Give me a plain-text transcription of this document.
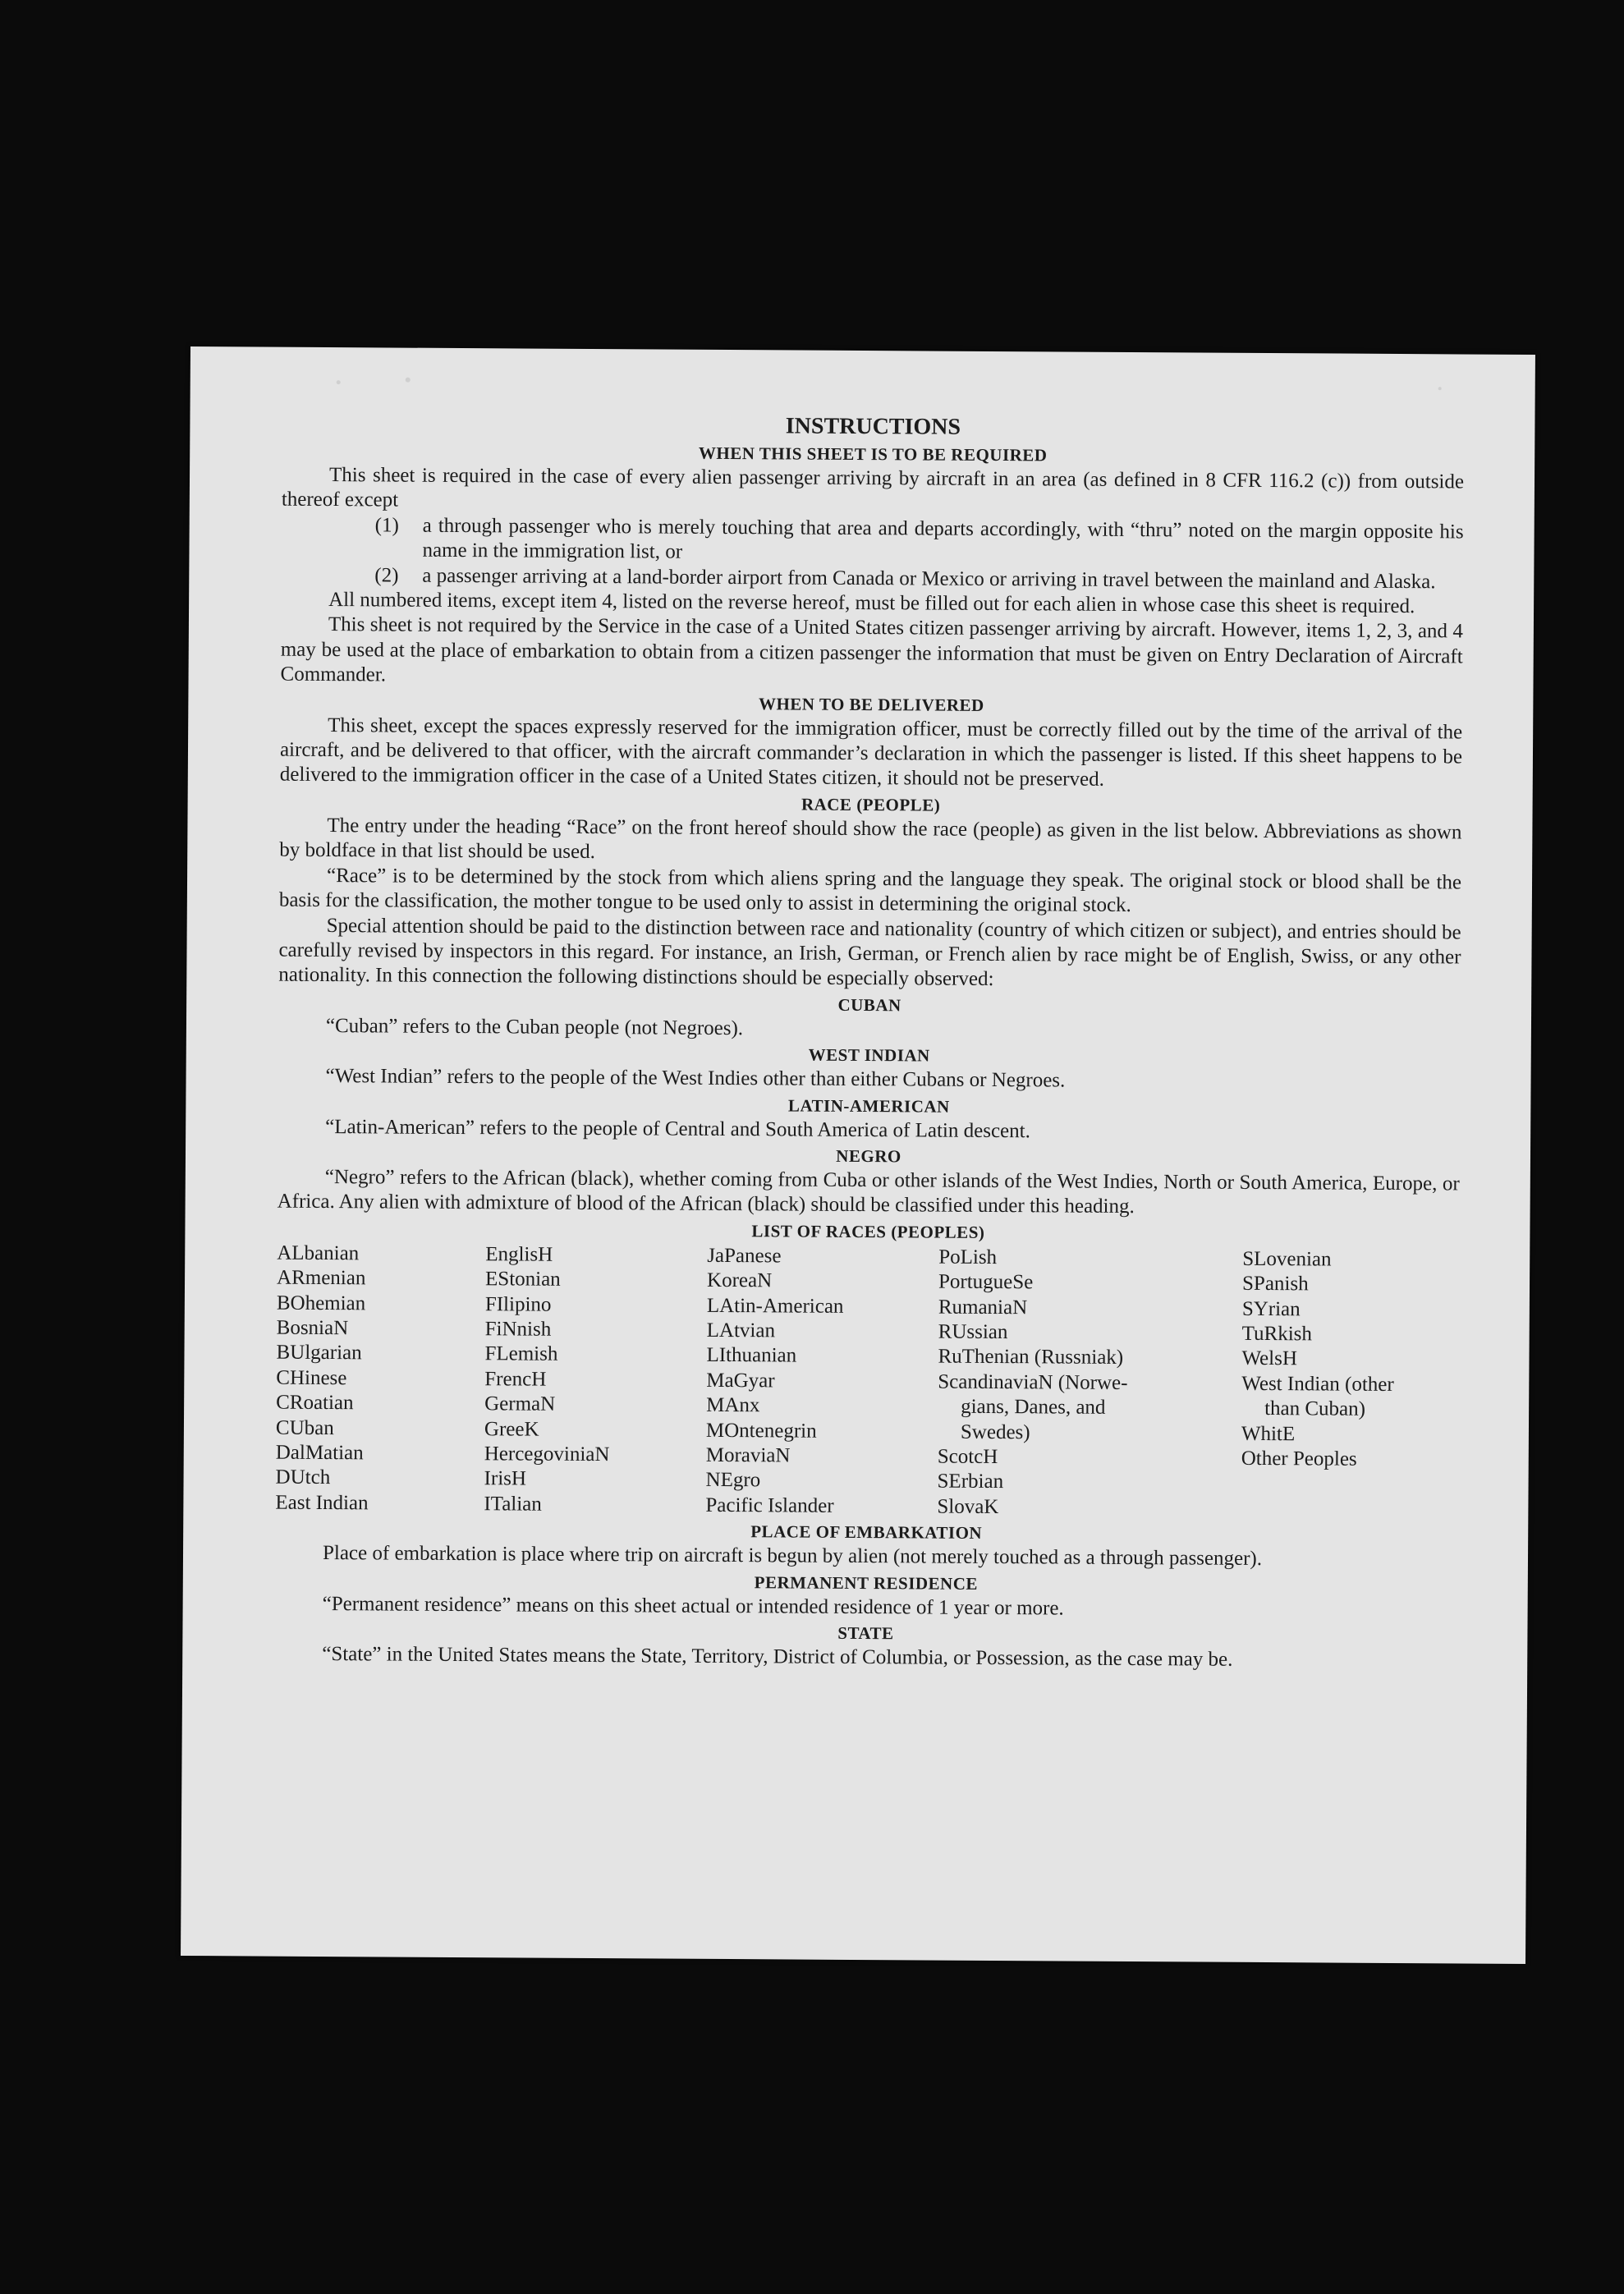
INSTRUCTIONS

WHEN THIS SHEET IS TO BE REQUIRED

This sheet is required in the case of every alien passenger arriving by aircraft in an area (as defined in 8 CFR 116.2 (c)) from outside thereof except

(1)	a through passenger who is merely touching that area and departs accordingly, with “thru” noted on the margin opposite his name in the immigration list, or
(2)	a passenger arriving at a land-border airport from Canada or Mexico or arriving in travel between the mainland and Alaska.

All numbered items, except item 4, listed on the reverse hereof, must be filled out for each alien in whose case this sheet is required.

This sheet is not required by the Service in the case of a United States citizen passenger arriving by aircraft. However, items 1, 2, 3, and 4 may be used at the place of embarkation to obtain from a citizen passenger the information that must be given on Entry Declaration of Aircraft Commander.

WHEN TO BE DELIVERED

This sheet, except the spaces expressly reserved for the immigration officer, must be correctly filled out by the time of the arrival of the aircraft, and be delivered to that officer, with the aircraft commander’s declaration in which the passenger is listed. If this sheet happens to be delivered to the immigration officer in the case of a United States citizen, it should not be preserved.

RACE (PEOPLE)

The entry under the heading “Race” on the front hereof should show the race (people) as given in the list below. Abbreviations as shown by boldface in that list should be used.

“Race” is to be determined by the stock from which aliens spring and the language they speak. The original stock or blood shall be the basis for the classification, the mother tongue to be used only to assist in determining the original stock.

Special attention should be paid to the distinction between race and nationality (country of which citizen or subject), and entries should be carefully revised by inspectors in this regard. For instance, an Irish, German, or French alien by race might be of English, Swiss, or any other nationality. In this connection the following distinctions should be especially observed:

CUBAN

“Cuban” refers to the Cuban people (not Negroes).

WEST INDIAN

“West Indian” refers to the people of the West Indies other than either Cubans or Negroes.

LATIN-AMERICAN

“Latin-American” refers to the people of Central and South America of Latin descent.

NEGRO

“Negro” refers to the African (black), whether coming from Cuba or other islands of the West Indies, North or South America, Europe, or Africa. Any alien with admixture of blood of the African (black) should be classified under this heading.

LIST OF RACES (PEOPLES)
ALbanian
ARmenian
BOhemian
BosniaN
BUlgarian
CHinese
CRoatian
CUban
DalMatian
DUtch
East Indian
EnglisH
EStonian
FIlipino
FiNnish
FLemish
FrencH
GermaN
GreeK
HercegoviniaN
IrisH
ITalian
JaPanese
KoreaN
LAtin-American
LAtvian
LIthuanian
MaGyar
MAnx
MOntenegrin
MoraviaN
NEgro
Pacific Islander
PoLish
PortugueSe
RumaniaN
RUssian
RuThenian (Russniak)
ScandinaviaN (Norwe-
gians, Danes, and
Swedes)
ScotcH
SErbian
SlovaK
SLovenian
SPanish
SYrian
TuRkish
WelsH
West Indian (other
than Cuban)
WhitE
Other Peoples
PLACE OF EMBARKATION

Place of embarkation is place where trip on aircraft is begun by alien (not merely touched as a through passenger).

PERMANENT RESIDENCE

“Permanent residence” means on this sheet actual or intended residence of 1 year or more.

STATE

“State” in the United States means the State, Territory, District of Columbia, or Possession, as the case may be.
